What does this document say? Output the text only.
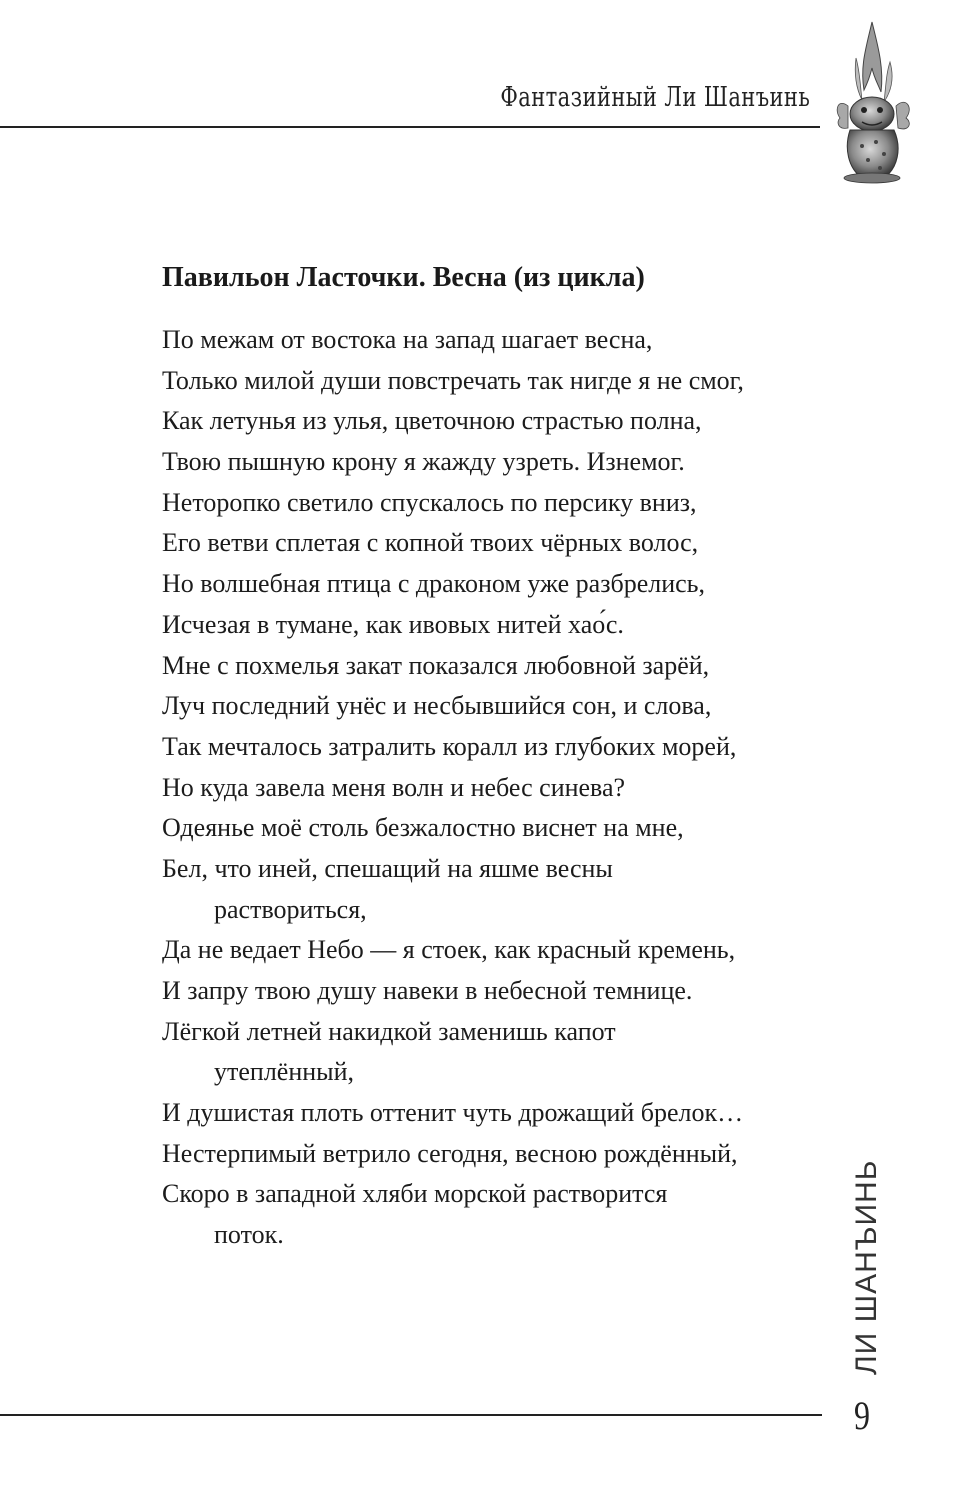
Фантазийный Ли Шанъинь
Павильон Ласточки. Весна (из цикла)
По межам от востока на запад шагает весна,
Только милой души повстречать так нигде я не смог,
Как летунья из улья, цветочною страстью полна,
Твою пышную крону я жажду узреть. Изнемог.
Неторопко светило спускалось по персику вниз,
Его ветви сплетая с копной твоих чёрных волос,
Но волшебная птица с драконом уже разбрелись,
Исчезая в тумане, как ивовых нитей хао́с.
Мне с похмелья закат показался любовной зарёй,
Луч последний унёс и несбывшийся сон, и слова,
Так мечталось затралить коралл из глубоких морей,
Но куда завела меня волн и небес синева?
Одеянье моё столь безжалостно виснет на мне,
Бел, что иней, спешащий на яшме весны
раствориться,
Да не ведает Небо — я стоек, как красный кремень,
И запру твою душу навеки в небесной темнице.
Лёгкой летней накидкой заменишь капот
утеплённый,
И душистая плоть оттенит чуть дрожащий брелок…
Нестерпимый ветрило сегодня, весною рождённый,
Скоро в западной хляби морской растворится
поток.	ЛИ ШАНЪИНЬ
9
